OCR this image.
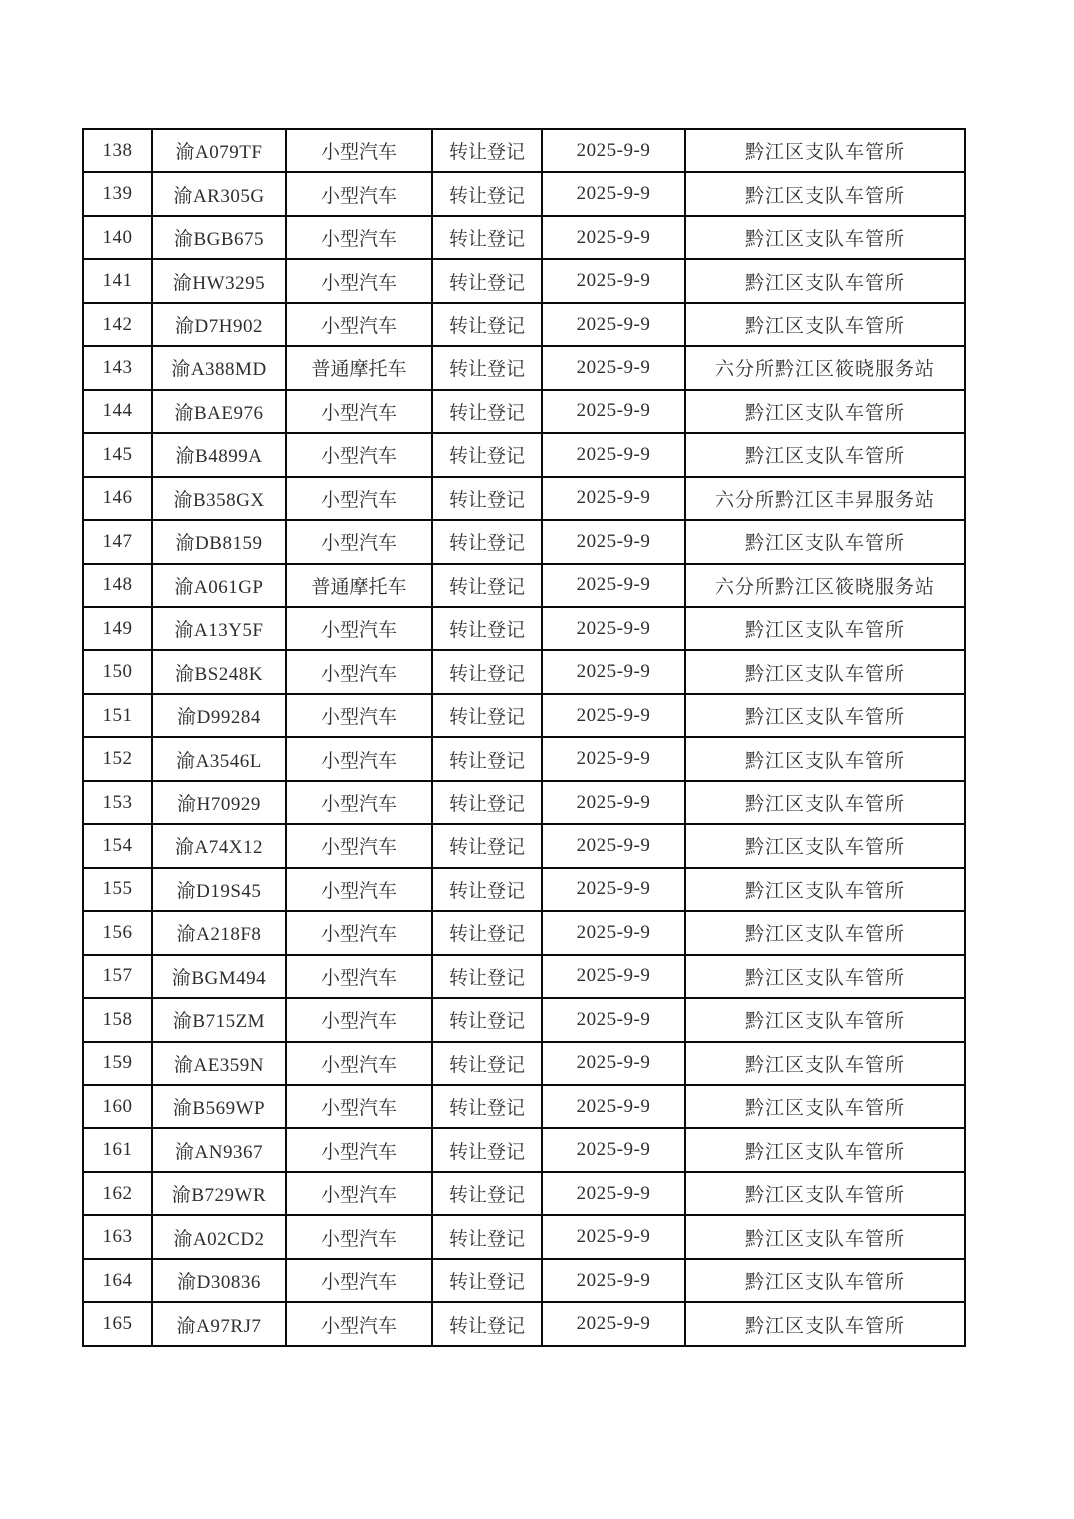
138	渝A079TF	小型汽车	转让登记	2025-9-9	黔江区支队车管所
139	渝AR305G	小型汽车	转让登记	2025-9-9	黔江区支队车管所
140	渝BGB675	小型汽车	转让登记	2025-9-9	黔江区支队车管所
141	渝HW3295	小型汽车	转让登记	2025-9-9	黔江区支队车管所
142	渝D7H902	小型汽车	转让登记	2025-9-9	黔江区支队车管所
143	渝A388MD	普通摩托车	转让登记	2025-9-9	六分所黔江区筱晓服务站
144	渝BAE976	小型汽车	转让登记	2025-9-9	黔江区支队车管所
145	渝B4899A	小型汽车	转让登记	2025-9-9	黔江区支队车管所
146	渝B358GX	小型汽车	转让登记	2025-9-9	六分所黔江区丰昇服务站
147	渝DB8159	小型汽车	转让登记	2025-9-9	黔江区支队车管所
148	渝A061GP	普通摩托车	转让登记	2025-9-9	六分所黔江区筱晓服务站
149	渝A13Y5F	小型汽车	转让登记	2025-9-9	黔江区支队车管所
150	渝BS248K	小型汽车	转让登记	2025-9-9	黔江区支队车管所
151	渝D99284	小型汽车	转让登记	2025-9-9	黔江区支队车管所
152	渝A3546L	小型汽车	转让登记	2025-9-9	黔江区支队车管所
153	渝H70929	小型汽车	转让登记	2025-9-9	黔江区支队车管所
154	渝A74X12	小型汽车	转让登记	2025-9-9	黔江区支队车管所
155	渝D19S45	小型汽车	转让登记	2025-9-9	黔江区支队车管所
156	渝A218F8	小型汽车	转让登记	2025-9-9	黔江区支队车管所
157	渝BGM494	小型汽车	转让登记	2025-9-9	黔江区支队车管所
158	渝B715ZM	小型汽车	转让登记	2025-9-9	黔江区支队车管所
159	渝AE359N	小型汽车	转让登记	2025-9-9	黔江区支队车管所
160	渝B569WP	小型汽车	转让登记	2025-9-9	黔江区支队车管所
161	渝AN9367	小型汽车	转让登记	2025-9-9	黔江区支队车管所
162	渝B729WR	小型汽车	转让登记	2025-9-9	黔江区支队车管所
163	渝A02CD2	小型汽车	转让登记	2025-9-9	黔江区支队车管所
164	渝D30836	小型汽车	转让登记	2025-9-9	黔江区支队车管所
165	渝A97RJ7	小型汽车	转让登记	2025-9-9	黔江区支队车管所
